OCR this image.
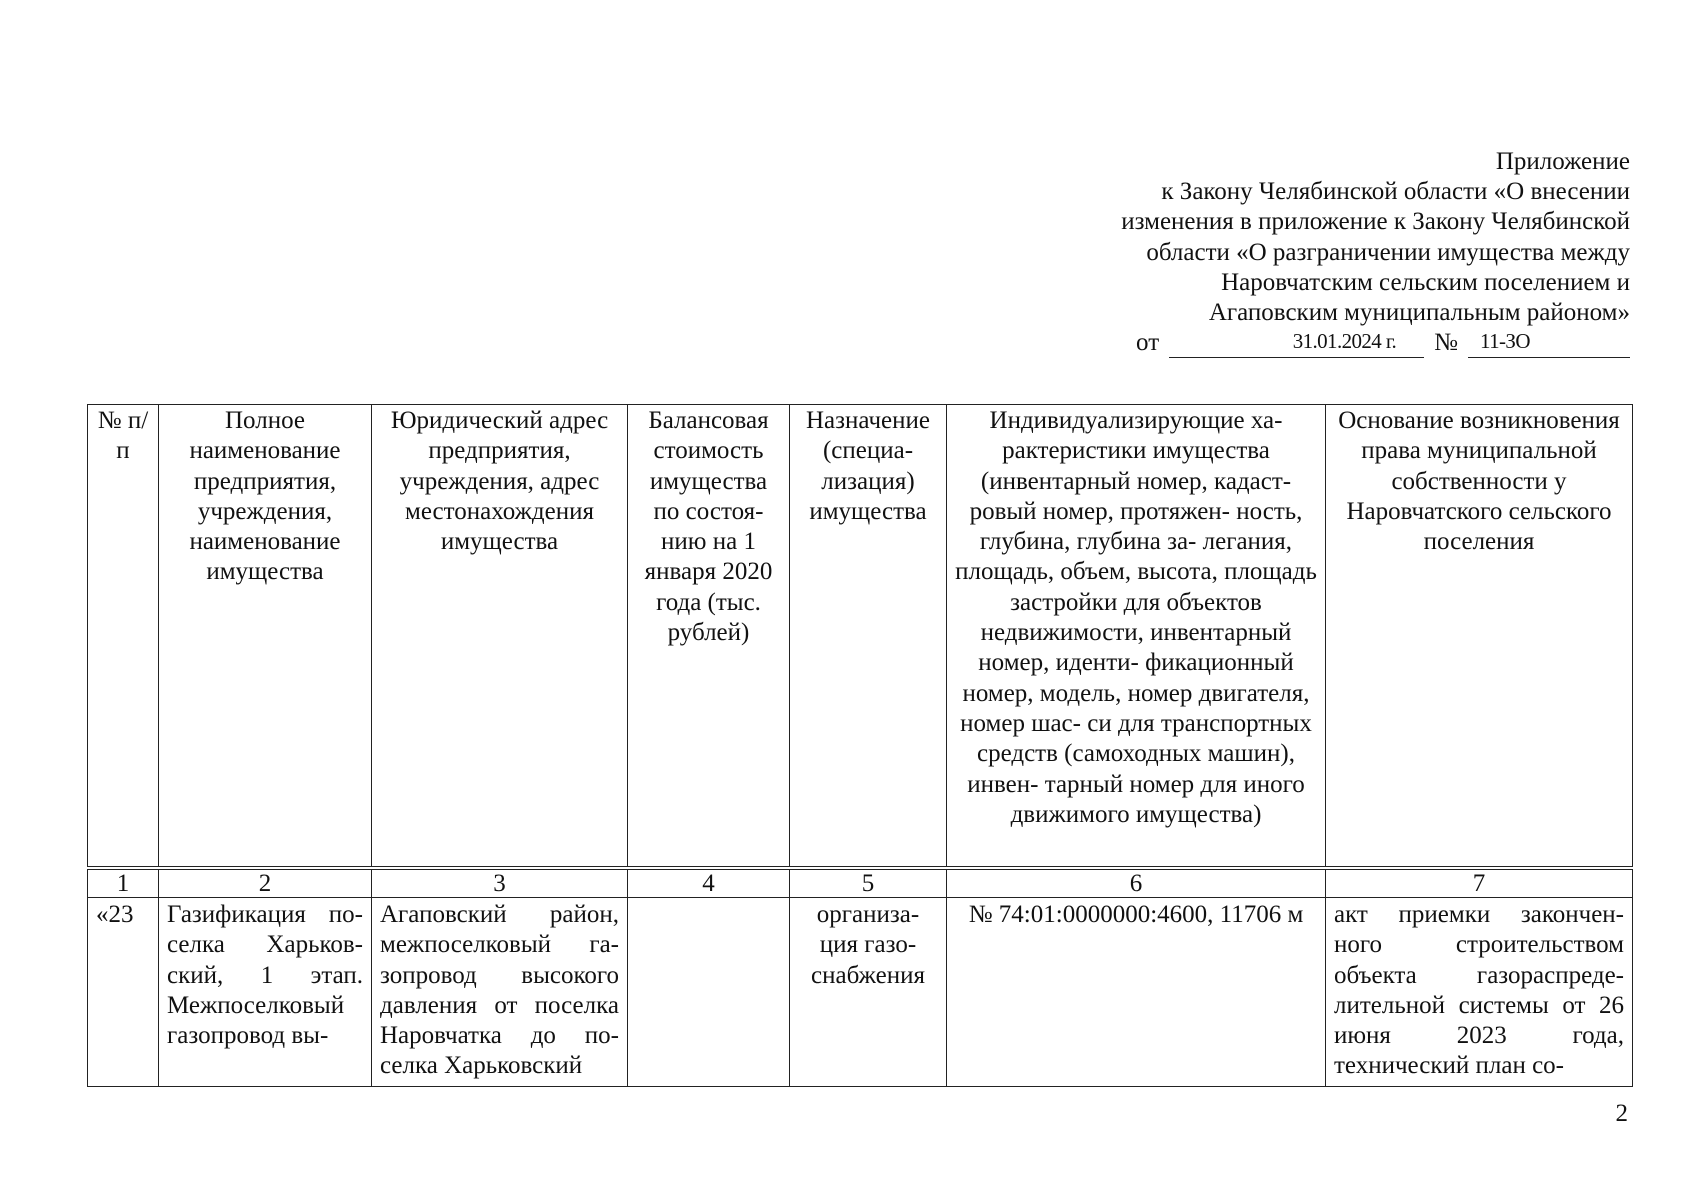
Приложение
к Закону Челябинской области «О внесении
изменения в приложение к Закону Челябинской
области «О разграничении имущества между
Наровчатским сельским поселением и
Агаповским муниципальным районом»
от	31.01.2024 г. № 11-ЗО
№ п/п	Полное наименование предприятия, учреждения, наименование имущества	Юридический адрес предприятия, учреждения, адрес местонахождения имущества	Балансовая стоимость имущества по состоя- нию на 1 января 2020 года (тыс. рублей)	Назначение (специа- лизация) имущества	Индивидуализирующие ха- рактеристики имущества (инвентарный номер, кадаст- ровый номер, протяжен- ность, глубина, глубина за- легания, площадь, объем, высота, площадь застройки для объектов недвижимости, инвентарный номер, иденти- фикационный номер, модель, номер двигателя, номер шас- си для транспортных средств (самоходных машин), инвен- тарный номер для иного движимого имущества)	Основание возникновения права муниципальной собственности у Наровчатского сельского поселения
1	2	3	4	5	6	7
«23	Газификация по- селка Харьков- ский, 1 этап. Межпоселковый газопровод вы-	Агаповский район, межпоселковый га- зопровод высокого давления от поселка Наровчатка до по- селка Харьковский		организа- ция газо- снабжения	№ 74:01:0000000:4600, 11706 м	акт приемки закончен- ного строительством объекта газораспреде- лительной системы от 26 июня 2023 года, технический план со-
2
